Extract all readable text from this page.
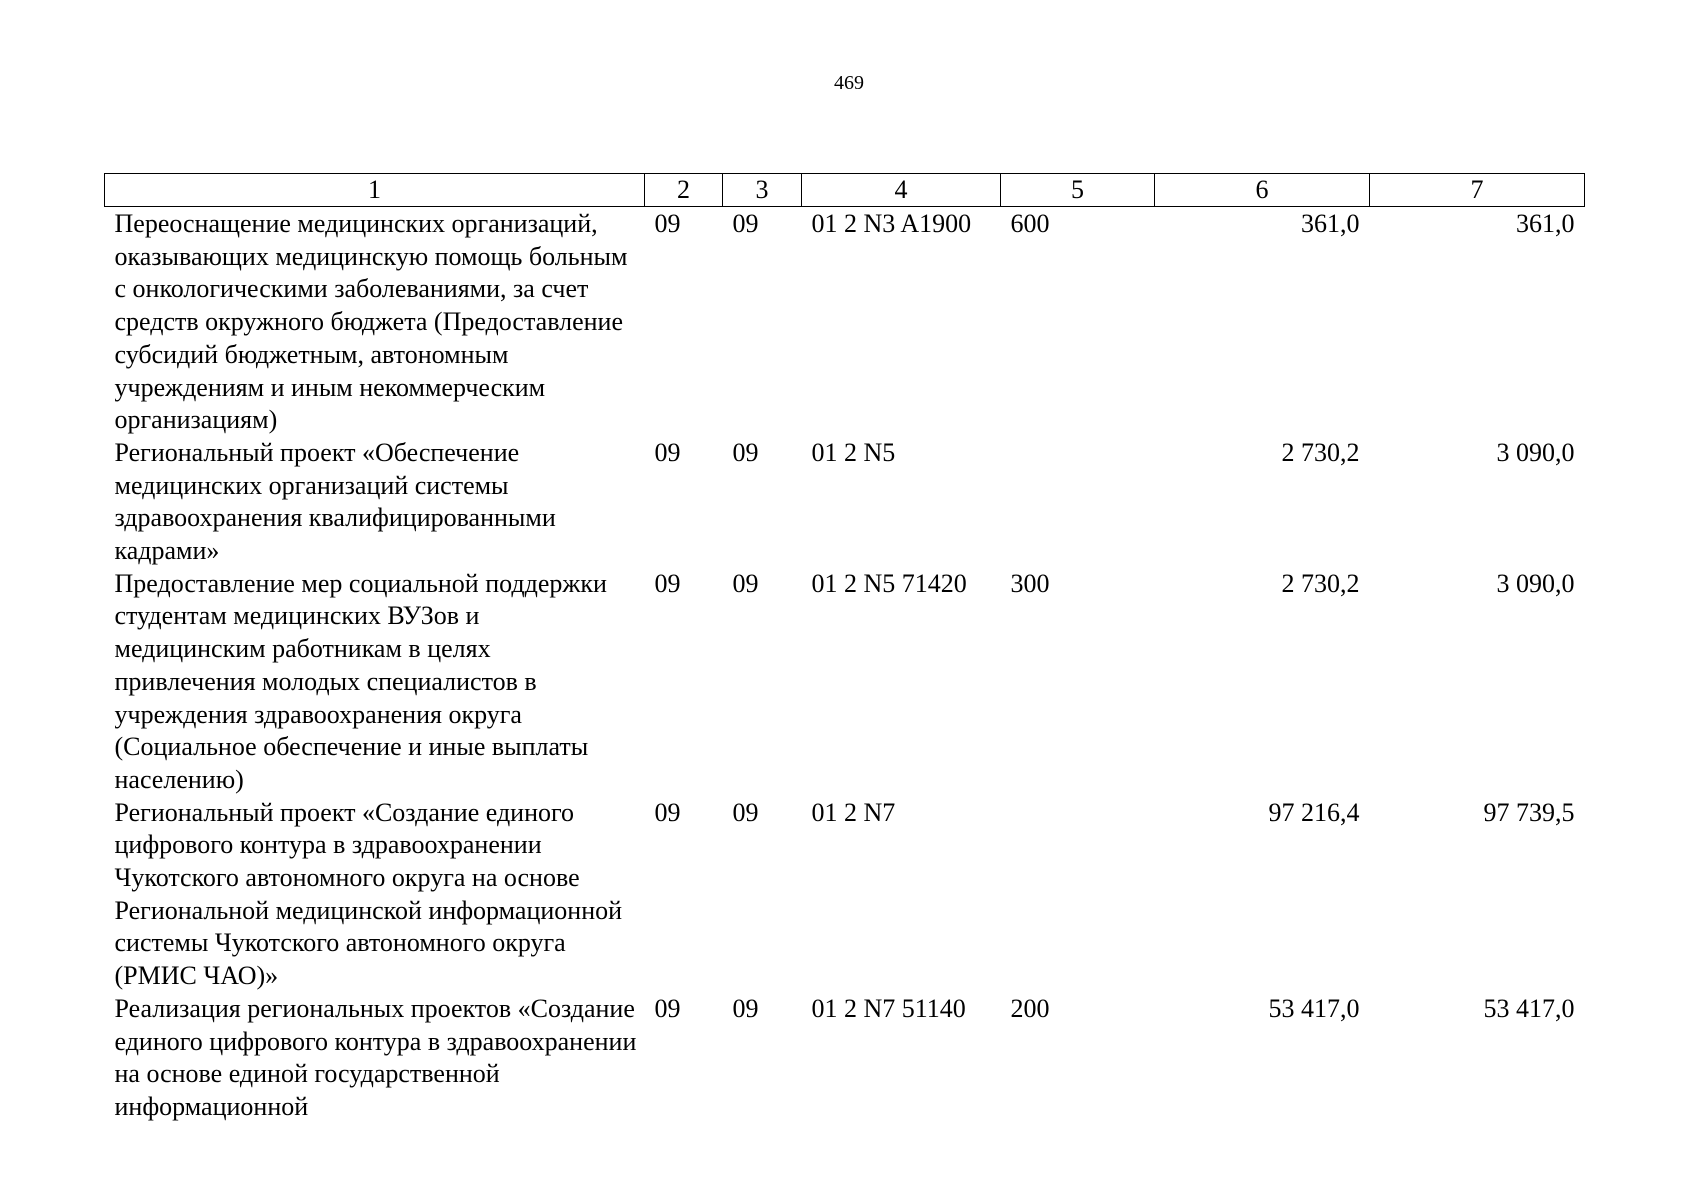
469
1	2	3	4	5	6	7
Переоснащение медицинских организаций, оказывающих медицинскую помощь больным с онкологическими заболеваниями, за счет средств окружного бюджета (Предоставление субсидий бюджетным, автономным учреждениям и иным некоммерческим организациям)	09	09	01 2 N3 A1900	600	361,0	361,0
Региональный проект «Обеспечение медицинских организаций системы здравоохранения квалифицированными кадрами»	09	09	01 2 N5		2 730,2	3 090,0
Предоставление мер социальной поддержки студентам медицинских ВУЗов и медицинским работникам в целях привлечения молодых специалистов в учреждения здравоохранения округа (Социальное обеспечение и иные выплаты населению)	09	09	01 2 N5 71420	300	2 730,2	3 090,0
Региональный проект «Создание единого цифрового контура в здравоохранении Чукотского автономного округа на основе Региональной медицинской информационной системы Чукотского автономного округа (РМИС ЧАО)»	09	09	01 2 N7		97 216,4	97 739,5
Реализация региональных проектов «Создание единого цифрового контура в здравоохранении на основе единой государственной информационной	09	09	01 2 N7 51140	200	53 417,0	53 417,0
